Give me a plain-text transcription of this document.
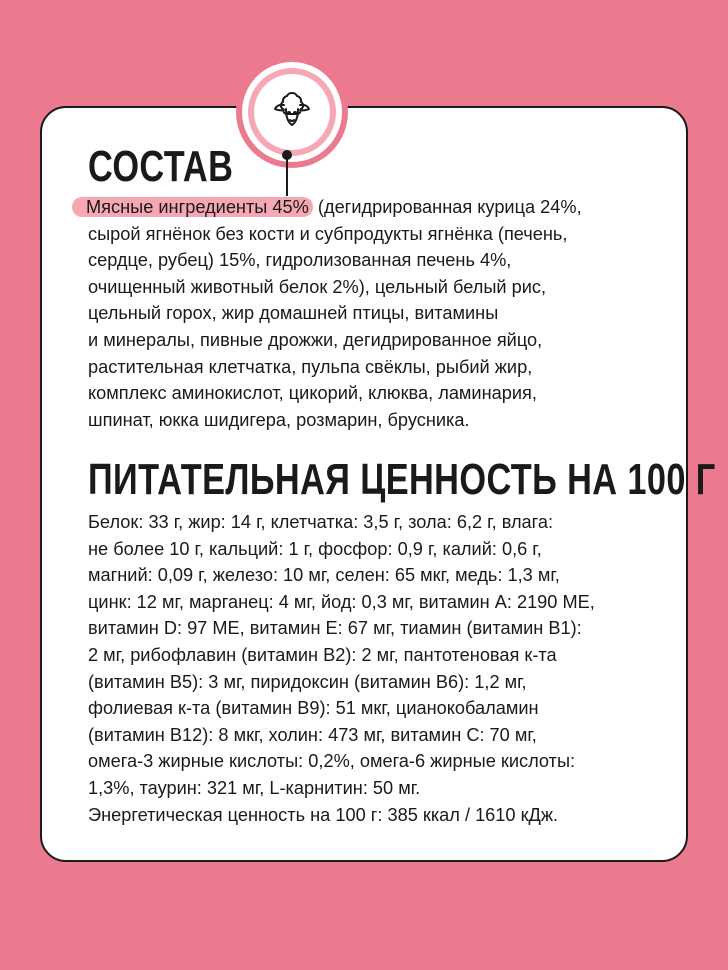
СОСТАВ

Мясные ингредиенты 45% (дегидрированная курица 24%,
сырой ягнёнок без кости и субпродукты ягнёнка (печень,
сердце, рубец) 15%, гидролизованная печень 4%,
очищенный животный белок 2%), цельный белый рис,
цельный горох, жир домашней птицы, витамины
и минералы, пивные дрожжи, дегидрированное яйцо,
растительная клетчатка, пульпа свёклы, рыбий жир,
комплекс аминокислот, цикорий, клюква, ламинария,
шпинат, юкка шидигера, розмарин, брусника.

ПИТАТЕЛЬНАЯ ЦЕННОСТЬ НА 100 Г

Белок: 33 г, жир: 14 г, клетчатка: 3,5 г, зола: 6,2 г, влага:
не более 10 г, кальций: 1 г, фосфор: 0,9 г, калий: 0,6 г,
магний: 0,09 г, железо: 10 мг, селен: 65 мкг, медь: 1,3 мг,
цинк: 12 мг, марганец: 4 мг, йод: 0,3 мг, витамин А: 2190 МЕ,
витамин D: 97 МЕ, витамин Е: 67 мг, тиамин (витамин В1):
2 мг, рибофлавин (витамин В2): 2 мг, пантотеновая к-та
(витамин В5): 3 мг, пиридоксин (витамин В6): 1,2 мг,
фолиевая к-та (витамин В9): 51 мкг, цианокобаламин
(витамин В12): 8 мкг, холин: 473 мг, витамин С: 70 мг,
омега-3 жирные кислоты: 0,2%, омега-6 жирные кислоты:
1,3%, таурин: 321 мг, L-карнитин: 50 мг.
Энергетическая ценность на 100 г: 385 ккал / 1610 кДж.
